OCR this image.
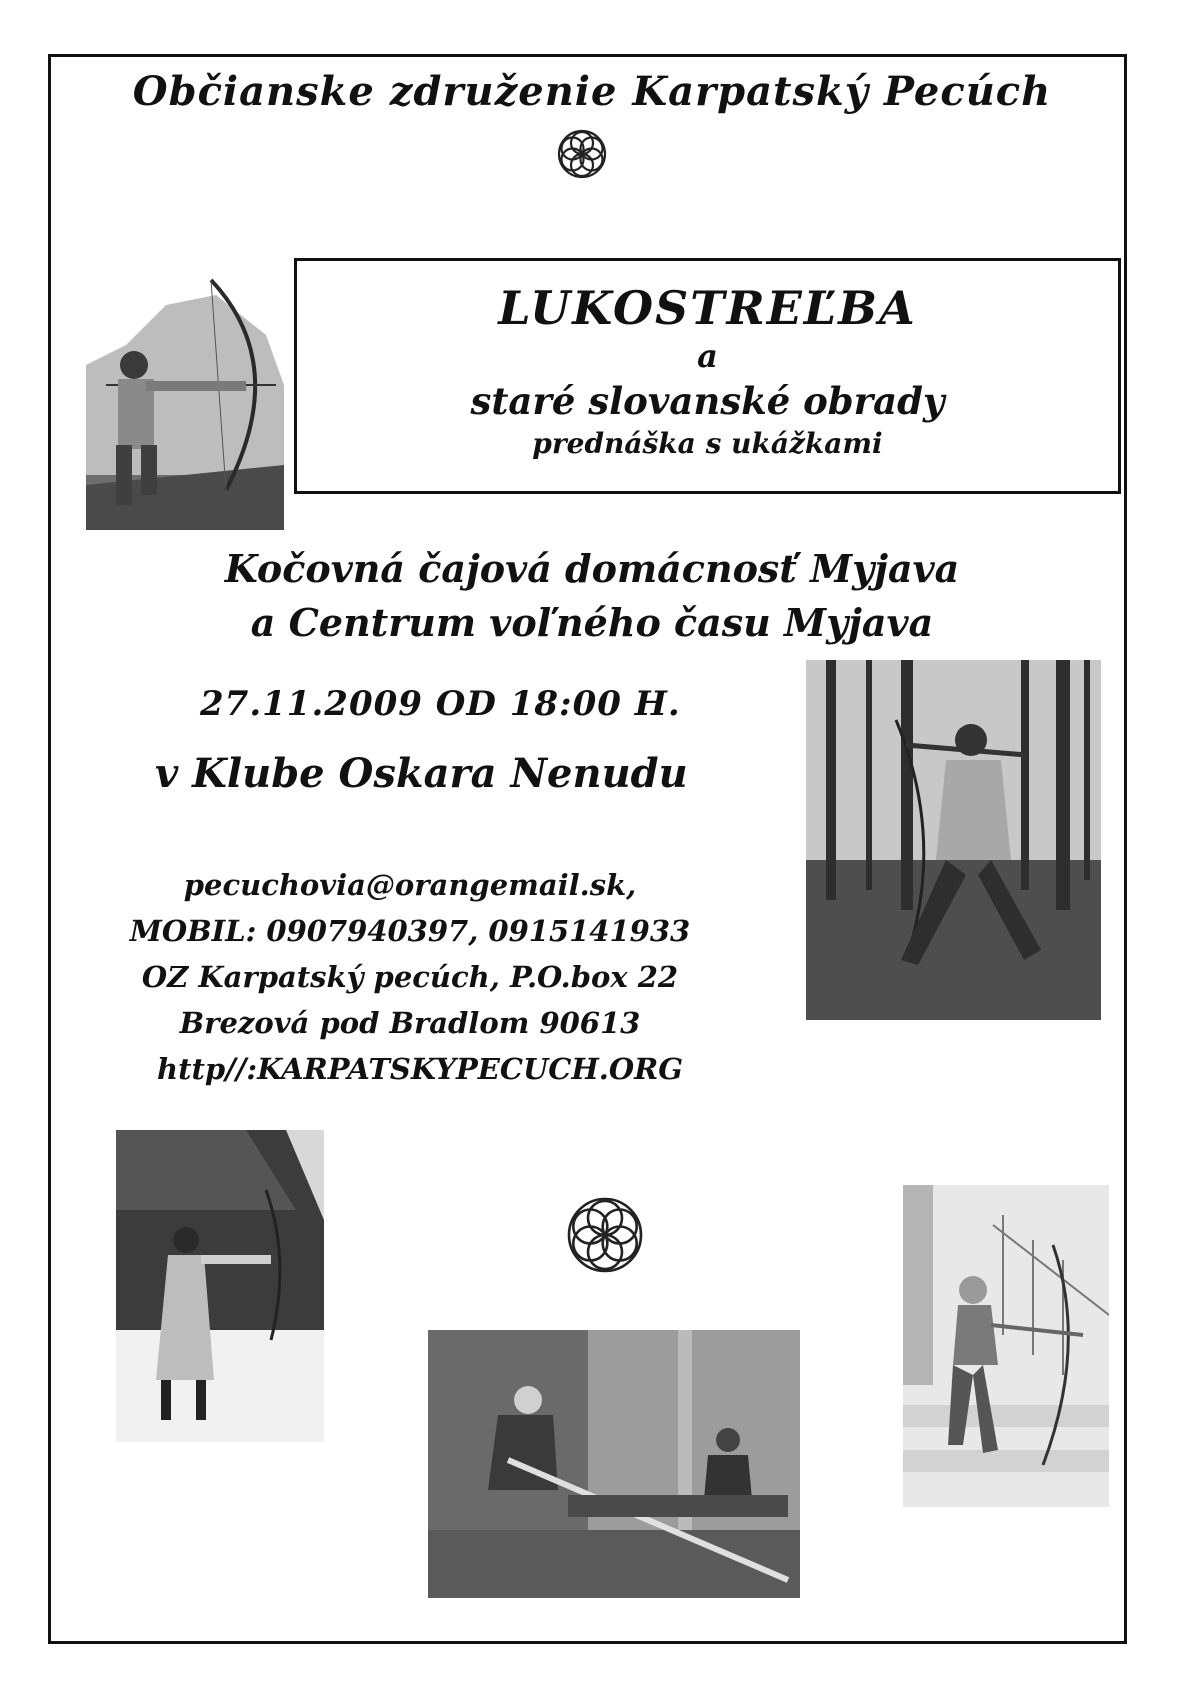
Občianske združenie Karpatský Pecúch
LUKOSTREĽBA
a
staré slovanské obrady
prednáška s ukážkami
Kočovná čajová domácnosť Myjava
a Centrum voľného času Myjava
27.11.2009 OD 18:00 H.
v Klube Oskara Nenudu
pecuchovia@orangemail.sk,
MOBIL: 0907940397, 0915141933
OZ Karpatský pecúch, P.O.box 22
Brezová pod Bradlom 90613
http//:KARPATSKYPECUCH.ORG
